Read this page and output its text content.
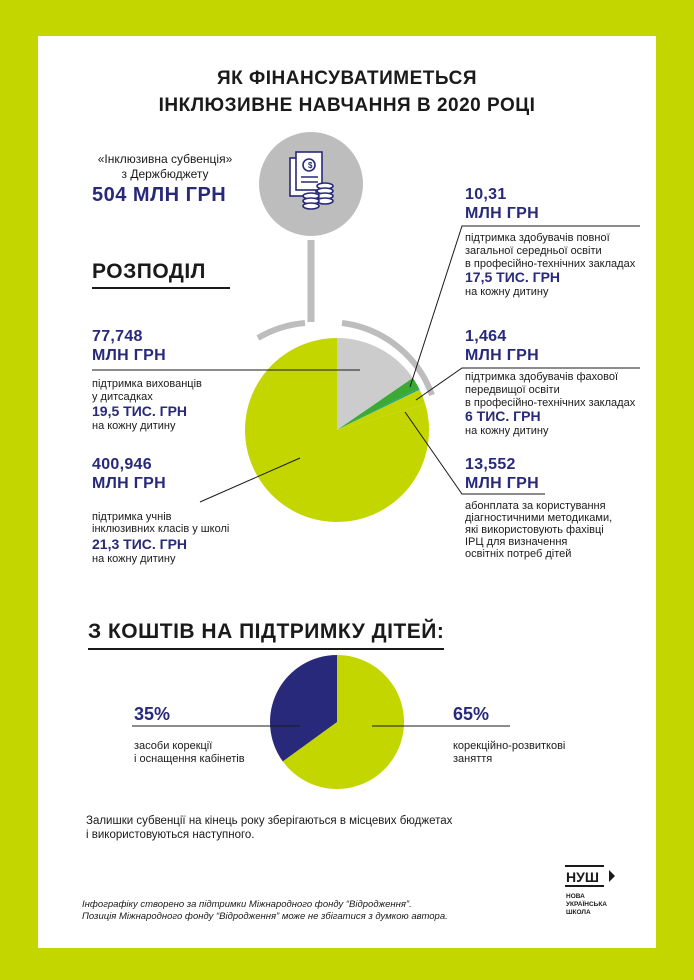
ЯК ФІНАНСУВАТИМЕТЬСЯ
ІНКЛЮЗИВНЕ НАВЧАННЯ В 2020 РОЦІ
«Інклюзивна субвенція»
з Держбюджету
504 МЛН ГРН
РОЗПОДІЛ
$
НУШ
НОВА
УКРАЇНСЬКА
ШКОЛА
77,748
МЛН ГРН
підтримка вихованців
у дитсадках
19,5 ТИС. ГРН
на кожну дитину
400,946
МЛН ГРН
підтримка учнів
інклюзивних класів у школі
21,3 ТИС. ГРН
на кожну дитину
10,31
МЛН ГРН
підтримка здобувачів повної
загальної середньої освіти
в професійно-технічних закладах
17,5 ТИС. ГРН
на кожну дитину
1,464
МЛН ГРН
підтримка здобувачів фахової
передвищої освіти
в професійно-технічних закладах
6 ТИС. ГРН
на кожну дитину
13,552
МЛН ГРН
абонплата за користування
діагностичними методиками,
які використовують фахівці
ІРЦ для визначення
освітніх потреб дітей
З КОШТІВ НА ПІДТРИМКУ ДІТЕЙ:
35%
засоби корекції
і оснащення кабінетів
65%
корекційно-розвиткові
заняття
Залишки субвенції на кінець року зберігаються в місцевих бюджетах
і використовуються наступного.
Інфографіку створено за підтримки Міжнародного фонду “Відродження”.
Позиція Міжнародного фонду “Відродження” може не збігатися з думкою автора.
